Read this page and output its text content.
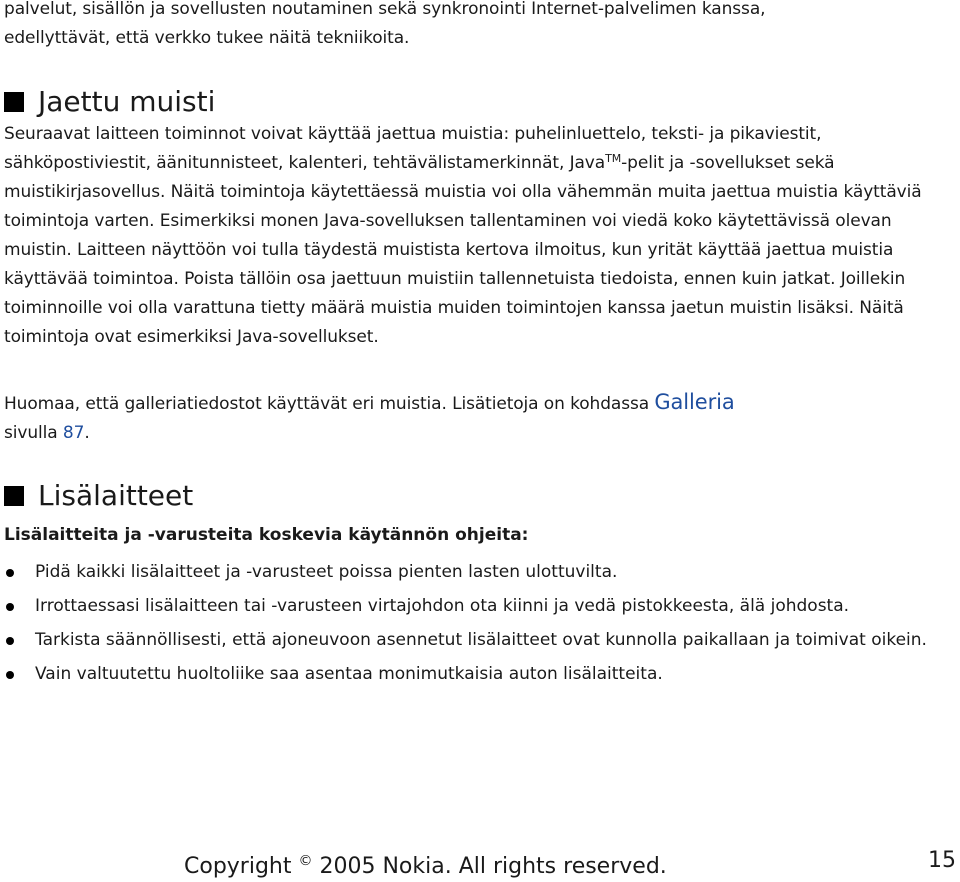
palvelut, sisällön ja sovellusten noutaminen sekä synkronointi Internet-palvelimen kanssa,
edellyttävät, että verkko tukee näitä tekniikoita.

Jaettu muisti

Seuraavat laitteen toiminnot voivat käyttää jaettua muistia: puhelinluettelo, teksti- ja pikaviestit, sähköpostiviestit, äänitunnisteet, kalenteri, tehtävälistamerkinnät, Java™-pelit ja -sovellukset sekä muistikirjasovellus. Näitä toimintoja käytettäessä muistia voi olla vähemmän muita jaettua muistia käyttäviä toimintoja varten. Esimerkiksi monen Java-sovelluksen tallentaminen voi viedä koko käytettävissä olevan muistin. Laitteen näyttöön voi tulla täydestä muistista kertova ilmoitus, kun yrität käyttää jaettua muistia käyttävää toimintoa. Poista tällöin osa jaettuun muistiin tallennetuista tiedoista, ennen kuin jatkat. Joillekin toiminnoille voi olla varattuna tietty määrä muistia muiden toimintojen kanssa jaetun muistin lisäksi. Näitä toimintoja ovat esimerkiksi Java-sovellukset.

Huomaa, että galleriatiedostot käyttävät eri muistia. Lisätietoja on kohdassa Galleria
sivulla 87.

Lisälaitteet

Lisälaitteita ja -varusteita koskevia käytännön ohjeita:

Pidä kaikki lisälaitteet ja -varusteet poissa pienten lasten ulottuvilta.
Irrottaessasi lisälaitteen tai -varusteen virtajohdon ota kiinni ja vedä pistokkeesta, älä johdosta.
Tarkista säännöllisesti, että ajoneuvoon asennetut lisälaitteet ovat kunnolla paikallaan ja toimivat oikein.
Vain valtuutettu huoltoliike saa asentaa monimutkaisia auton lisälaitteita.

Copyright © 2005 Nokia. All rights reserved.	15
